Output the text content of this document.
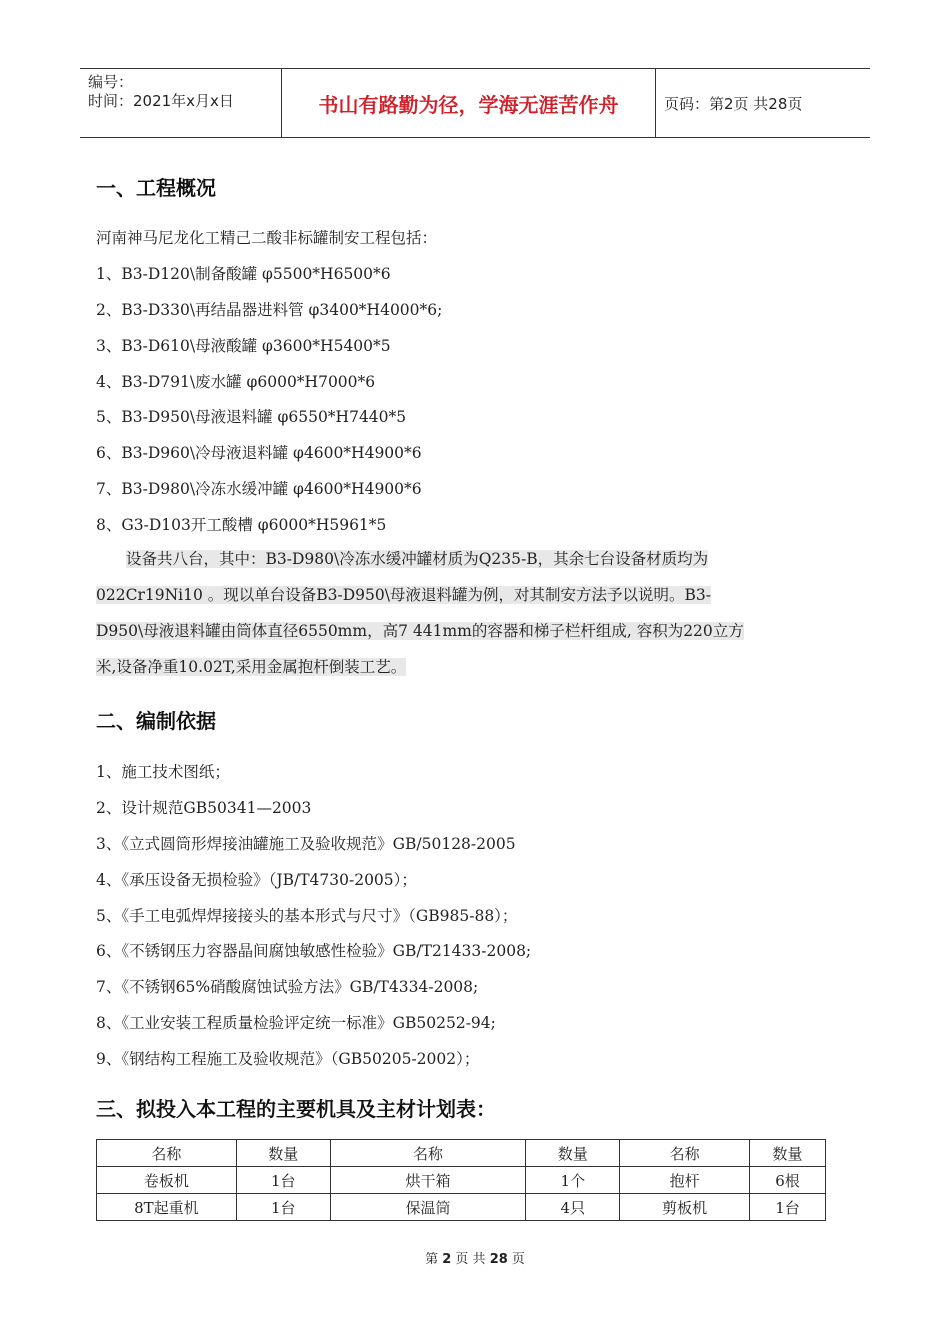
编号：
时间：2021年x月x日	书山有路勤为径，学海无涯苦作舟	页码：第2页 共28页
一、工程概况
河南神马尼龙化工精己二酸非标罐制安工程包括：
1、B3-D120\制备酸罐 φ5500*H6500*6
2、B3-D330\再结晶器进料管 φ3400*H4000*6;
3、B3-D610\母液酸罐 φ3600*H5400*5
4、B3-D791\废水罐 φ6000*H7000*6
5、B3-D950\母液退料罐 φ6550*H7440*5
6、B3-D960\冷母液退料罐 φ4600*H4900*6
7、B3-D980\冷冻水缓冲罐 φ4600*H4900*6
8、G3-D103开工酸槽 φ6000*H5961*5
设备共八台，其中：B3-D980\冷冻水缓冲罐材质为Q235-B，其余七台设备材质均为
022Cr19Ni10 。现以单台设备B3-D950\母液退料罐为例，对其制安方法予以说明。B3-
D950\母液退料罐由筒体直径6550mm，高7 441mm的容器和梯子栏杆组成, 容积为220立方
米,设备净重10.02T,采用金属抱杆倒装工艺。
二、编制依据
1、施工技术图纸；
2、设计规范GB50341—2003
3、《立式圆筒形焊接油罐施工及验收规范》GB/50128-2005
4、《承压设备无损检验》（JB/T4730-2005）；
5、《手工电弧焊焊接接头的基本形式与尺寸》（GB985-88）；
6、《不锈钢压力容器晶间腐蚀敏感性检验》GB/T21433-2008;
7、《不锈钢65%硝酸腐蚀试验方法》GB/T4334-2008;
8、《工业安装工程质量检验评定统一标准》GB50252-94;
9、《钢结构工程施工及验收规范》（GB50205-2002）；
三、拟投入本工程的主要机具及主材计划表：
名称	数量	名称	数量	名称	数量
卷板机	1台	烘干箱	1个	抱杆	6根
8T起重机	1台	保温筒	4只	剪板机	1台
第 2 页 共 28 页
